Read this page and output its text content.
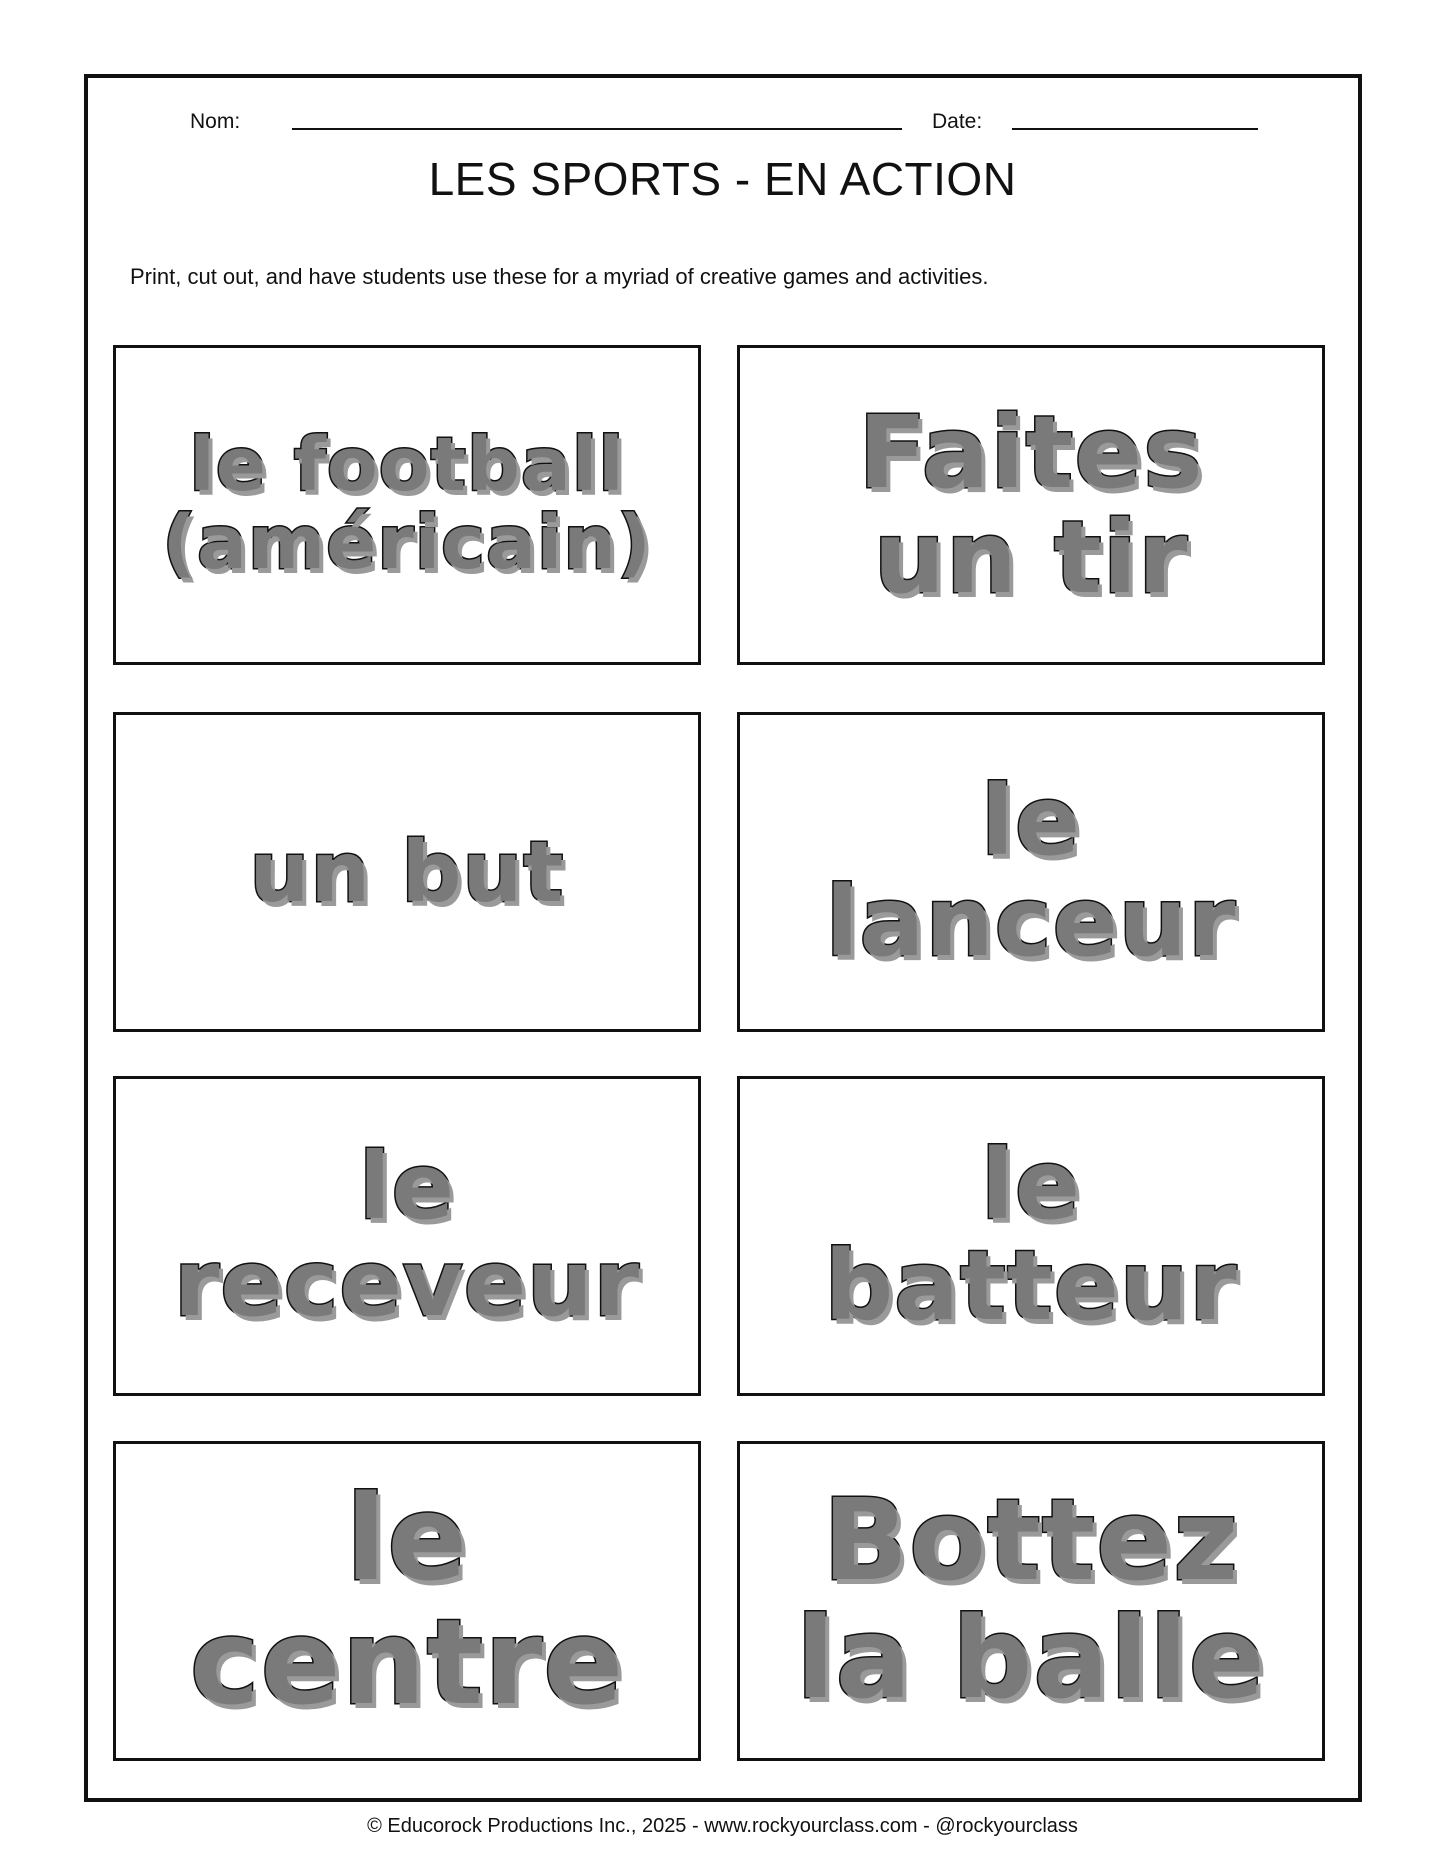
Nom:	Date:
LES SPORTS - EN ACTION
Print, cut out, and have students use these for a myriad of creative games and activities.
le football
(américain)
Faites
un tir
un but	le
lanceur
le
receveur
le
batteur
le
centre
Bottez
la balle
© Educorock Productions Inc., 2025 - www.rockyourclass.com - @rockyourclass
